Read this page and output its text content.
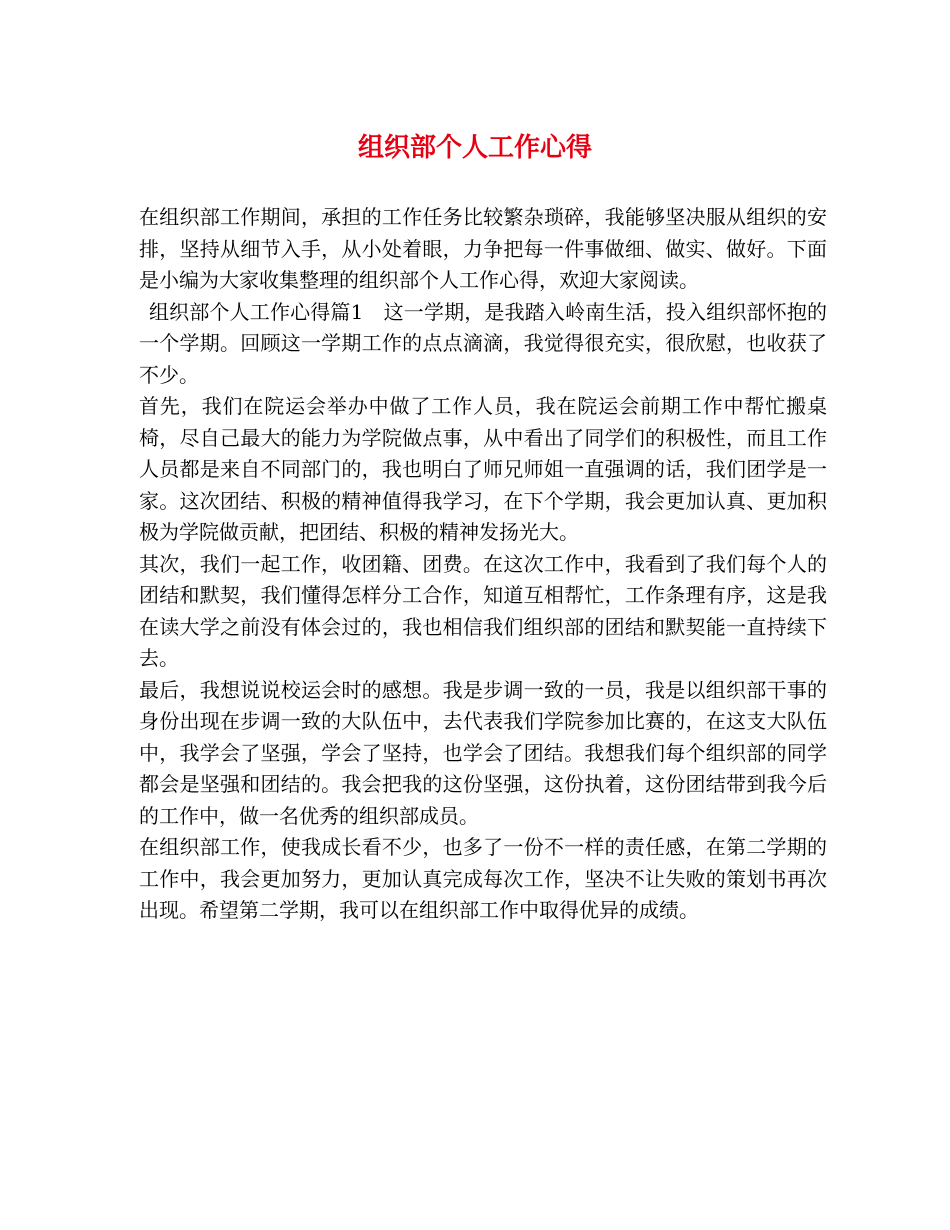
组织部个人工作心得

在组织部工作期间，承担的工作任务比较繁杂琐碎，我能够坚决服从组织的安排，坚持从细节入手，从小处着眼，力争把每一件事做细、做实、做好。下面是小编为大家收集整理的组织部个人工作心得，欢迎大家阅读。

组织部个人工作心得篇1　这一学期，是我踏入岭南生活，投入组织部怀抱的一个学期。回顾这一学期工作的点点滴滴，我觉得很充实，很欣慰，也收获了不少。

首先，我们在院运会举办中做了工作人员，我在院运会前期工作中帮忙搬桌椅，尽自己最大的能力为学院做点事，从中看出了同学们的积极性，而且工作人员都是来自不同部门的，我也明白了师兄师姐一直强调的话，我们团学是一家。这次团结、积极的精神值得我学习，在下个学期，我会更加认真、更加积极为学院做贡献，把团结、积极的精神发扬光大。

其次，我们一起工作，收团籍、团费。在这次工作中，我看到了我们每个人的团结和默契，我们懂得怎样分工合作，知道互相帮忙，工作条理有序，这是我在读大学之前没有体会过的，我也相信我们组织部的团结和默契能一直持续下去。

最后，我想说说校运会时的感想。我是步调一致的一员，我是以组织部干事的身份出现在步调一致的大队伍中，去代表我们学院参加比赛的，在这支大队伍中，我学会了坚强，学会了坚持，也学会了团结。我想我们每个组织部的同学都会是坚强和团结的。我会把我的这份坚强，这份执着，这份团结带到我今后的工作中，做一名优秀的组织部成员。

在组织部工作，使我成长看不少，也多了一份不一样的责任感，在第二学期的工作中，我会更加努力，更加认真完成每次工作，坚决不让失败的策划书再次出现。希望第二学期，我可以在组织部工作中取得优异的成绩。
